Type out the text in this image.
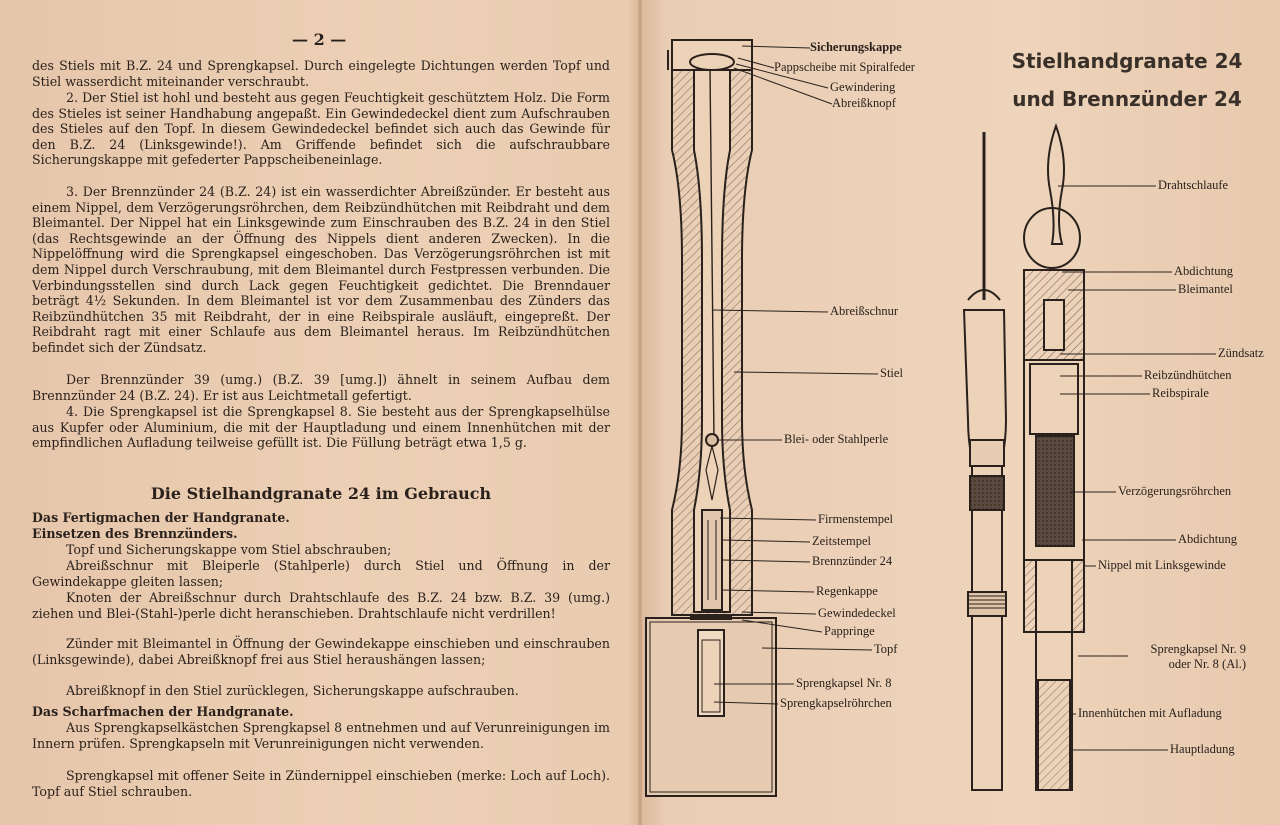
— 2 —

des Stiels mit B.Z. 24 und Sprengkapsel. Durch eingelegte Dichtungen werden Topf und Stiel wasserdicht miteinander verschraubt.

2. Der Stiel ist hohl und besteht aus gegen Feuchtigkeit geschütztem Holz. Die Form des Stieles ist seiner Handhabung angepaßt. Ein Gewindedeckel dient zum Aufschrauben des Stieles auf den Topf. In diesem Gewindedeckel befindet sich auch das Gewinde für den B.Z. 24 (Linksgewinde!). Am Griffende befindet sich die aufschraubbare Sicherungskappe mit gefederter Pappscheibeneinlage.

3. Der Brennzünder 24 (B.Z. 24) ist ein wasserdichter Abreißzünder. Er besteht aus einem Nippel, dem Verzögerungsröhrchen, dem Reibzündhütchen mit Reibdraht und dem Bleimantel. Der Nippel hat ein Linksgewinde zum Einschrauben des B.Z. 24 in den Stiel (das Rechtsgewinde an der Öffnung des Nippels dient anderen Zwecken). In die Nippelöffnung wird die Sprengkapsel eingeschoben. Das Verzögerungsröhrchen ist mit dem Nippel durch Verschraubung, mit dem Bleimantel durch Festpressen verbunden. Die Verbindungsstellen sind durch Lack gegen Feuchtigkeit gedichtet. Die Brenndauer beträgt 4½ Sekunden. In dem Bleimantel ist vor dem Zusammenbau des Zünders das Reibzündhütchen 35 mit Reibdraht, der in eine Reibspirale ausläuft, eingepreßt. Der Reibdraht ragt mit einer Schlaufe aus dem Bleimantel heraus. Im Reibzündhütchen befindet sich der Zündsatz.

Der Brennzünder 39 (umg.) (B.Z. 39 [umg.]) ähnelt in seinem Aufbau dem Brennzünder 24 (B.Z. 24). Er ist aus Leichtmetall gefertigt.

4. Die Sprengkapsel ist die Sprengkapsel 8. Sie besteht aus der Sprengkapselhülse aus Kupfer oder Aluminium, die mit der Hauptladung und einem Innenhütchen mit der empfindlichen Aufladung teilweise gefüllt ist. Die Füllung beträgt etwa 1,5 g.

Die Stielhandgranate 24 im Gebrauch

Das Fertigmachen der Handgranate.

Einsetzen des Brennzünders.

Topf und Sicherungskappe vom Stiel abschrauben;

Abreißschnur mit Bleiperle (Stahlperle) durch Stiel und Öffnung in der Gewindekappe gleiten lassen;

Knoten der Abreißschnur durch Drahtschlaufe des B.Z. 24 bzw. B.Z. 39 (umg.) ziehen und Blei-(Stahl-)perle dicht heranschieben. Drahtschlaufe nicht verdrillen!

Zünder mit Bleimantel in Öffnung der Gewindekappe einschieben und einschrauben (Linksgewinde), dabei Abreißknopf frei aus Stiel heraushängen lassen;

Abreißknopf in den Stiel zurücklegen, Sicherungskappe aufschrauben.

Das Scharfmachen der Handgranate.

Aus Sprengkapselkästchen Sprengkapsel 8 entnehmen und auf Verunreinigungen im Innern prüfen. Sprengkapseln mit Verunreinigungen nicht verwenden.

Sprengkapsel mit offener Seite in Zündernippel einschieben (merke: Loch auf Loch). Topf auf Stiel schrauben.

Stielhandgranate 24
und Brennzünder 24
Sicherungskappe
Pappscheibe mit Spiralfeder
Gewindering
Abreißknopf
Abreißschnur
Stiel
Blei- oder Stahlperle
Firmenstempel
Zeitstempel
Brennzünder 24
Regenkappe
Gewindedeckel
Pappringe
Topf
Sprengkapsel Nr. 8
Sprengkapselröhrchen
Drahtschlaufe
Abdichtung
Bleimantel
Zündsatz
Reibzündhütchen
Reibspirale
Verzögerungsröhrchen
Abdichtung
Nippel mit Linksgewinde
Sprengkapsel Nr. 9
oder Nr. 8 (Al.)
Innenhütchen mit Aufladung
Hauptladung
